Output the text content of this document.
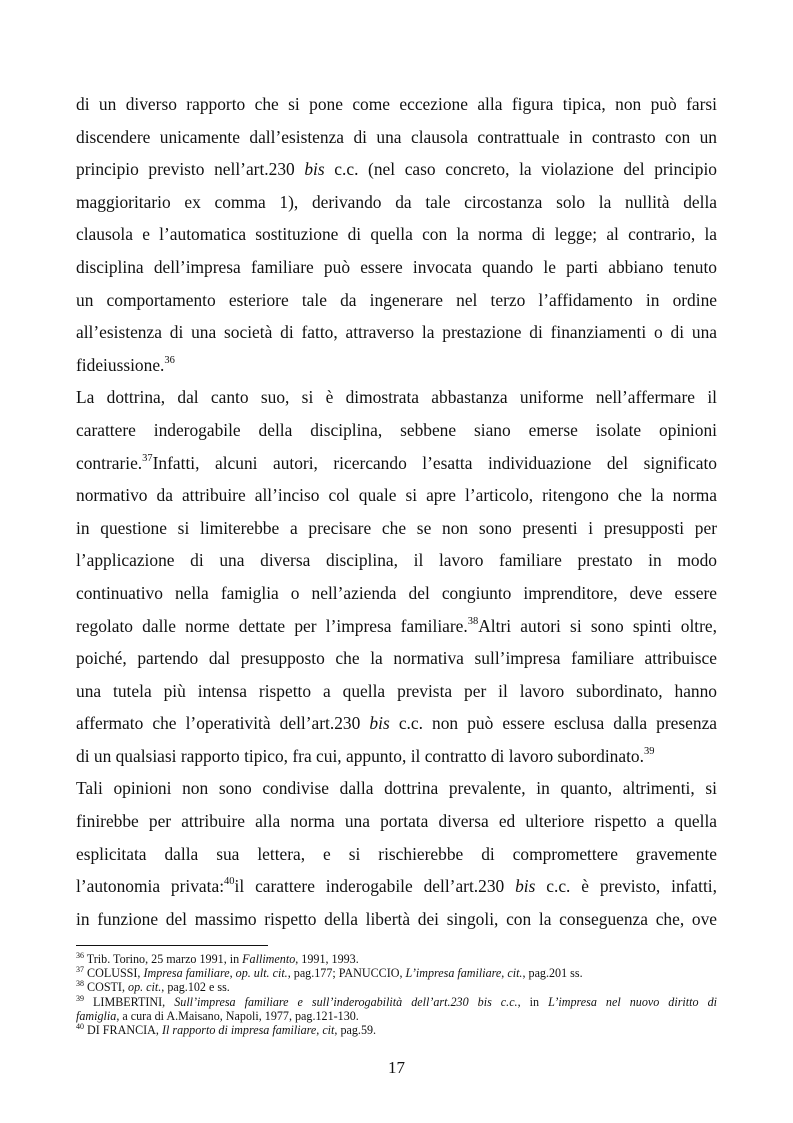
di un diverso rapporto che si pone come eccezione alla figura tipica, non può farsi
discendere unicamente dall’esistenza di una clausola contrattuale in contrasto con un
principio previsto nell’art.230 bis c.c. (nel caso concreto, la violazione del principio
maggioritario ex comma 1), derivando da tale circostanza solo la nullità della
clausola e l’automatica sostituzione di quella con la norma di legge; al contrario, la
disciplina dell’impresa familiare può essere invocata quando le parti abbiano tenuto
un comportamento esteriore tale da ingenerare nel terzo l’affidamento in ordine
all’esistenza di una società di fatto, attraverso la prestazione di finanziamenti o di una
fideiussione.$^{36}$
La dottrina, dal canto suo, si è dimostrata abbastanza uniforme nell’affermare il
carattere inderogabile della disciplina, sebbene siano emerse isolate opinioni
contrarie.$^{37}$Infatti, alcuni autori, ricercando l’esatta individuazione del significato
normativo da attribuire all’inciso col quale si apre l’articolo, ritengono che la norma
in questione si limiterebbe a precisare che se non sono presenti i presupposti per
l’applicazione di una diversa disciplina, il lavoro familiare prestato in modo
continuativo nella famiglia o nell’azienda del congiunto imprenditore, deve essere
regolato dalle norme dettate per l’impresa familiare.$^{38}$Altri autori si sono spinti oltre,
poiché, partendo dal presupposto che la normativa sull’impresa familiare attribuisce
una tutela più intensa rispetto a quella prevista per il lavoro subordinato, hanno
affermato che l’operatività dell’art.230 bis c.c. non può essere esclusa dalla presenza
di un qualsiasi rapporto tipico, fra cui, appunto, il contratto di lavoro subordinato.$^{39}$
Tali opinioni non sono condivise dalla dottrina prevalente, in quanto, altrimenti, si
finirebbe per attribuire alla norma una portata diversa ed ulteriore rispetto a quella
esplicitata dalla sua lettera, e si rischierebbe di compromettere gravemente
l’autonomia privata:$^{40}$il carattere inderogabile dell’art.230 bis c.c. è previsto, infatti,
in funzione del massimo rispetto della libertà dei singoli, con la conseguenza che, ove
$^{36}$ Trib. Torino, 25 marzo 1991, in Fallimento, 1991, 1993.
$^{37}$ COLUSSI, Impresa familiare, op. ult. cit., pag.177; PANUCCIO, L’impresa familiare, cit., pag.201 ss.
$^{38}$ COSTI, op. cit., pag.102 e ss.
$^{39}$ LIMBERTINI, Sull’impresa familiare e sull’inderogabilità dell’art.230 bis c.c., in L’impresa nel nuovo diritto di
famiglia, a cura di A.Maisano, Napoli, 1977, pag.121-130.
$^{40}$ DI FRANCIA, Il rapporto di impresa familiare, cit, pag.59.
17
